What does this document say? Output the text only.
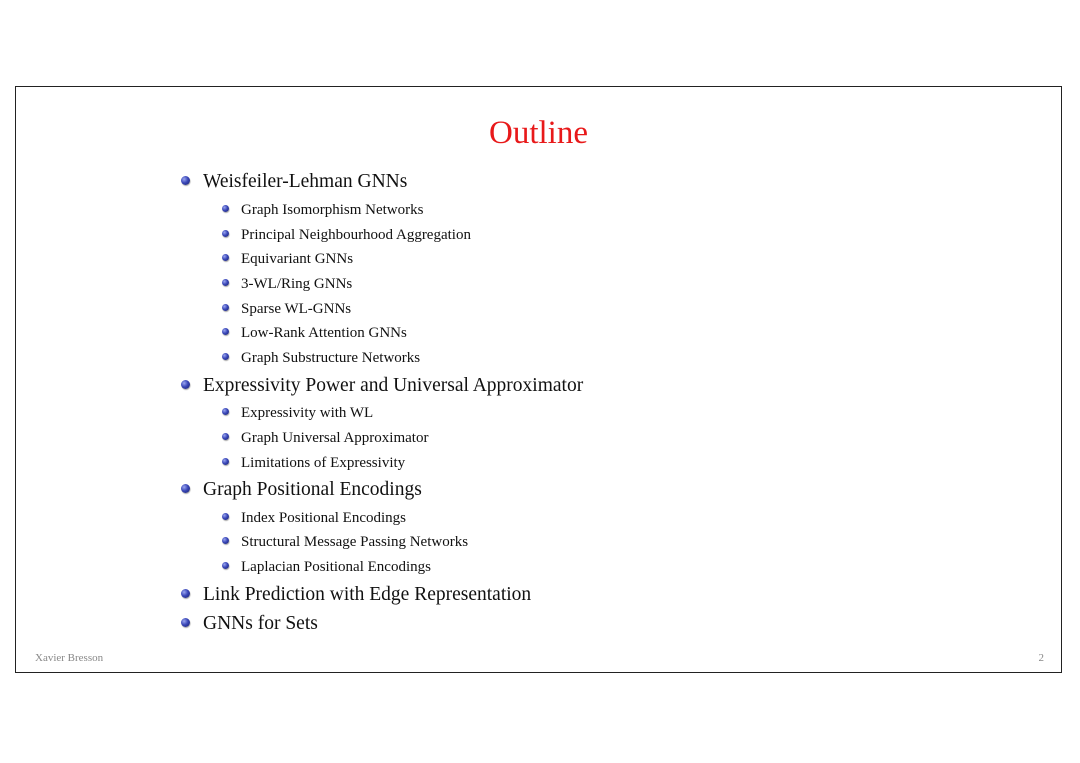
Outline
Weisfeiler-Lehman GNNs
Graph Isomorphism Networks
Principal Neighbourhood Aggregation
Equivariant GNNs
3-WL/Ring GNNs
Sparse WL-GNNs
Low-Rank Attention GNNs
Graph Substructure Networks
Expressivity Power and Universal Approximator
Expressivity with WL
Graph Universal Approximator
Limitations of Expressivity
Graph Positional Encodings
Index Positional Encodings
Structural Message Passing Networks
Laplacian Positional Encodings
Link Prediction with Edge Representation
GNNs for Sets
Xavier Bresson	2
